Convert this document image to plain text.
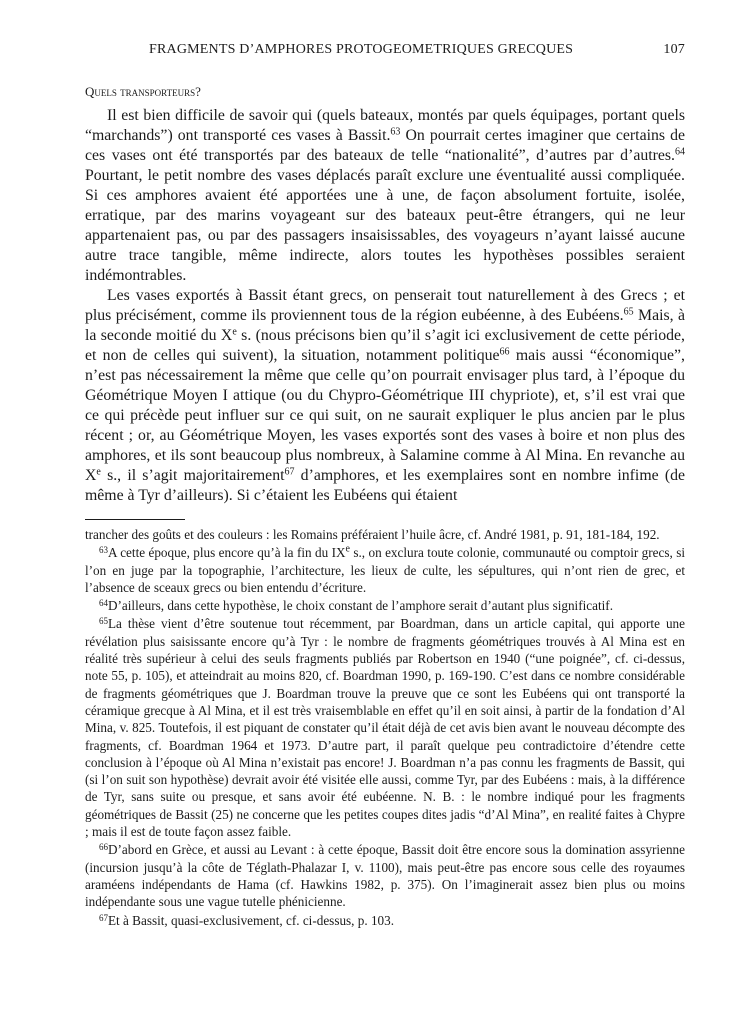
FRAGMENTS D’AMPHORES PROTOGEOMETRIQUES GRECQUES	107
Quels transporteurs?

Il est bien difficile de savoir qui (quels bateaux, montés par quels équipages, portant quels “marchands”) ont transporté ces vases à Bassit.$^{63}$ On pourrait certes imaginer que certains de ces vases ont été transportés par des bateaux de telle “nationalité”, d’autres par d’autres.$^{64}$ Pourtant, le petit nombre des vases déplacés paraît exclure une éventualité aussi compliquée. Si ces amphores avaient été apportées une à une, de façon absolument fortuite, isolée, erratique, par des marins voyageant sur des bateaux peut-être étrangers, qui ne leur appartenaient pas, ou par des passagers insaisissables, des voyageurs n’ayant laissé aucune autre trace tangible, même indirecte, alors toutes les hypothèses possibles seraient indémontrables.

Les vases exportés à Bassit étant grecs, on penserait tout naturellement à des Grecs ; et plus précisément, comme ils proviennent tous de la région eubéenne, à des Eubéens.$^{65}$ Mais, à la seconde moitié du Xe s. (nous précisons bien qu’il s’agit ici exclusivement de cette période, et non de celles qui suivent), la situation, notamment politique$^{66}$ mais aussi “économique”, n’est pas nécessairement la même que celle qu’on pourrait envisager plus tard, à l’époque du Géométrique Moyen I attique (ou du Chypro-Géométrique III chypriote), et, s’il est vrai que ce qui précède peut influer sur ce qui suit, on ne saurait expliquer le plus ancien par le plus récent ; or, au Géométrique Moyen, les vases exportés sont des vases à boire et non plus des amphores, et ils sont beaucoup plus nombreux, à Salamine comme à Al Mina. En revanche au Xe s., il s’agit majoritairement$^{67}$ d’amphores, et les exemplaires sont en nombre infime (de même à Tyr d’ailleurs). Si c’étaient les Eubéens qui étaient

trancher des goûts et des couleurs : les Romains préféraient l’huile âcre, cf. André 1981, p. 91, 181-184, 192.

$^{63}$A cette époque, plus encore qu’à la fin du IXe s., on exclura toute colonie, communauté ou comptoir grecs, si l’on en juge par la topographie, l’architecture, les lieux de culte, les sépultures, qui n’ont rien de grec, et l’absence de sceaux grecs ou bien entendu d’écriture.

$^{64}$D’ailleurs, dans cette hypothèse, le choix constant de l’amphore serait d’autant plus significatif.

$^{65}$La thèse vient d’être soutenue tout récemment, par Boardman, dans un article capital, qui apporte une révélation plus saisissante encore qu’à Tyr : le nombre de fragments géométriques trouvés à Al Mina est en réalité très supérieur à celui des seuls fragments publiés par Robertson en 1940 (“une poignée”, cf. ci-dessus, note 55, p. 105), et atteindrait au moins 820, cf. Boardman 1990, p. 169-190. C’est dans ce nombre considérable de fragments géométriques que J. Boardman trouve la preuve que ce sont les Eubéens qui ont transporté la céramique grecque à Al Mina, et il est très vraisemblable en effet qu’il en soit ainsi, à partir de la fondation d’Al Mina, v. 825. Toutefois, il est piquant de constater qu’il était déjà de cet avis bien avant le nouveau décompte des fragments, cf. Boardman 1964 et 1973. D’autre part, il paraît quelque peu contradictoire d’étendre cette conclusion à l’époque où Al Mina n’existait pas encore! J. Boardman n’a pas connu les fragments de Bassit, qui (si l’on suit son hypothèse) devrait avoir été visitée elle aussi, comme Tyr, par des Eubéens : mais, à la différence de Tyr, sans suite ou presque, et sans avoir été eubéenne. N. B. : le nombre indiqué pour les fragments géométriques de Bassit (25) ne concerne que les petites coupes dites jadis “d’Al Mina”, en realité faites à Chypre ; mais il est de toute façon assez faible.

$^{66}$D’abord en Grèce, et aussi au Levant : à cette époque, Bassit doit être encore sous la domination assyrienne (incursion jusqu’à la côte de Téglath-Phalazar I, v. 1100), mais peut-être pas encore sous celle des royaumes araméens indépendants de Hama (cf. Hawkins 1982, p. 375). On l’imaginerait assez bien plus ou moins indépendante sous une vague tutelle phénicienne.

$^{67}$Et à Bassit, quasi-exclusivement, cf. ci-dessus, p. 103.
